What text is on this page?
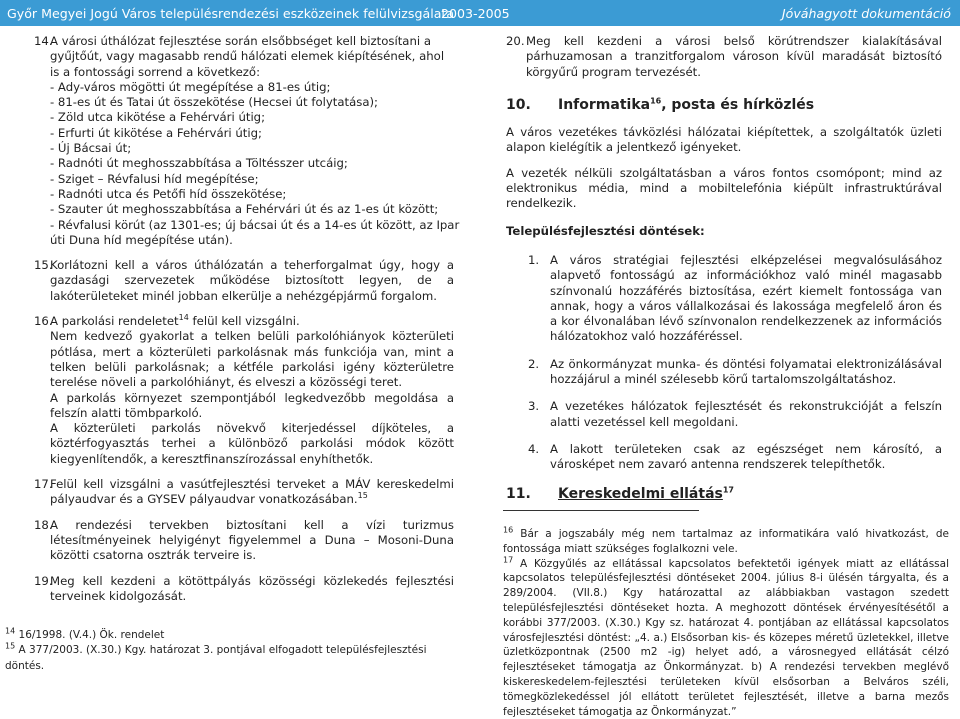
Győr Megyei Jogú Város településrendezési eszközeinek felülvizsgálata
2003-2005	Jóváhagyott dokumentáció
14.
A városi úthálózat fejlesztése során elsőbbséget kell biztosítani a
gyűjtőút, vagy magasabb rendű hálózati elemek kiépítésének, ahol
is a fontossági sorrend a következő:
- Ady-város mögötti út megépítése a 81-es útig;
- 81-es út és Tatai út összekötése (Hecsei út folytatása);
- Zöld utca kikötése a Fehérvári útig;
- Erfurti út kikötése a Fehérvári útig;
- Új Bácsai út;
- Radnóti út meghosszabbítása a Töltésszer utcáig;
- Sziget – Révfalusi híd megépítése;
- Radnóti utca és Petőfi híd összekötése;
- Szauter út meghosszabbítása a Fehérvári út és az 1-es út között;
- Révfalusi körút (az 1301-es; új bácsai út és a 14-es út között, az Ipar
úti Duna híd megépítése után).
15.
Korlátozni kell a város úthálózatán a teherforgalmat úgy, hogy a gazdasági szervezetek működése biztosított legyen, de a lakóterületeket minél jobban elkerülje a nehézgépjármű forgalom.
16.
A parkolási rendeletet$^{14}$ felül kell vizsgálni.
Nem kedvező gyakorlat a telken belüli parkolóhiányok közterületi pótlása, mert a közterületi parkolásnak más funkciója van, mint a telken belüli parkolásnak; a kétféle parkolási igény közterületre terelése növeli a parkolóhiányt, és elveszi a közösségi teret.
A parkolás környezet szempontjából legkedvezőbb megoldása a felszín alatti tömbparkoló.
A közterületi parkolás növekvő kiterjedéssel díjköteles, a köztérfogyasztás terhei a különböző parkolási módok között kiegyenlítendők, a keresztfinanszírozással enyhíthetők.
17.
Felül kell vizsgálni a vasútfejlesztési terveket a MÁV kereskedelmi pályaudvar és a GYSEV pályaudvar vonatkozásában.$^{15}$
18.
A rendezési tervekben biztosítani kell a vízi turizmus létesítményeinek helyigényt figyelemmel a Duna – Mosoni-Duna közötti csatorna osztrák terveire is.
19.
Meg kell kezdeni a kötöttpályás közösségi közlekedés fejlesztési terveinek kidolgozását.
$^{14}$ 16/1998. (V.4.) Ök. rendelet
$^{15}$ A 377/2003. (X.30.) Kgy. határozat 3. pontjával elfogadott településfejlesztési döntés.
20. Meg kell kezdeni a városi belső körútrendszer kialakításával párhuzamosan a tranzitforgalom városon kívül maradását biztosító körgyűrű program tervezését.
10.	Informatika$^{16}$, posta és hírközlés

A város vezetékes távközlési hálózatai kiépítettek, a szolgáltatók üzleti alapon kielégítik a jelentkező igényeket.

A vezeték nélküli szolgáltatásban a város fontos csomópont; mind az elektronikus média, mind a mobiltelefónia kiépült infrastruktúrával rendelkezik.

Településfejlesztési döntések:
1. A város stratégiai fejlesztési elképzelései megvalósulásához alapvető fontosságú az információkhoz való minél magasabb színvonalú hozzáférés biztosítása, ezért kiemelt fontossága van annak, hogy a város vállalkozásai és lakossága megfelelő áron és a kor élvonalában lévő színvonalon rendelkezzenek az információs hálózatokhoz való hozzáféréssel.
2. Az önkormányzat munka- és döntési folyamatai elektronizálásával hozzájárul a minél szélesebb körű tartalomszolgáltatáshoz.
3. A vezetékes hálózatok fejlesztését és rekonstrukcióját a felszín alatti vezetéssel kell megoldani.
4. A lakott területeken csak az egészséget nem károsító, a városképet nem zavaró antenna rendszerek telepíthetők.
11.	Kereskedelmi ellátás$^{17}$
$^{16}$ Bár a jogszabály még nem tartalmaz az informatikára való hivatkozást, de fontossága miatt szükséges foglalkozni vele.
$^{17}$ A Közgyűlés az ellátással kapcsolatos befektetői igények miatt az ellátással kapcsolatos településfejlesztési döntéseket 2004. július 8-i ülésén tárgyalta, és a 289/2004. (VII.8.) Kgy határozattal az alábbiakban vastagon szedett településfejlesztési döntéseket hozta. A meghozott döntések érvényesítésétől a korábbi 377/2003. (X.30.) Kgy sz. határozat 4. pontjában az ellátással kapcsolatos városfejlesztési döntést: „4. a.) Elsősorban kis- és közepes méretű üzletekkel, illetve üzletközpontnak (2500 m2 -ig) helyet adó, a városnegyed ellátását célzó fejlesztéseket támogatja az Önkormányzat. b) A rendezési tervekben meglévő kiskereskedelem-fejlesztési területeken kívül elsősorban a Belváros széli, tömegközlekedéssel jól ellátott területet fejlesztését, illetve a barna mezős fejlesztéseket támogatja az Önkormányzat.”
